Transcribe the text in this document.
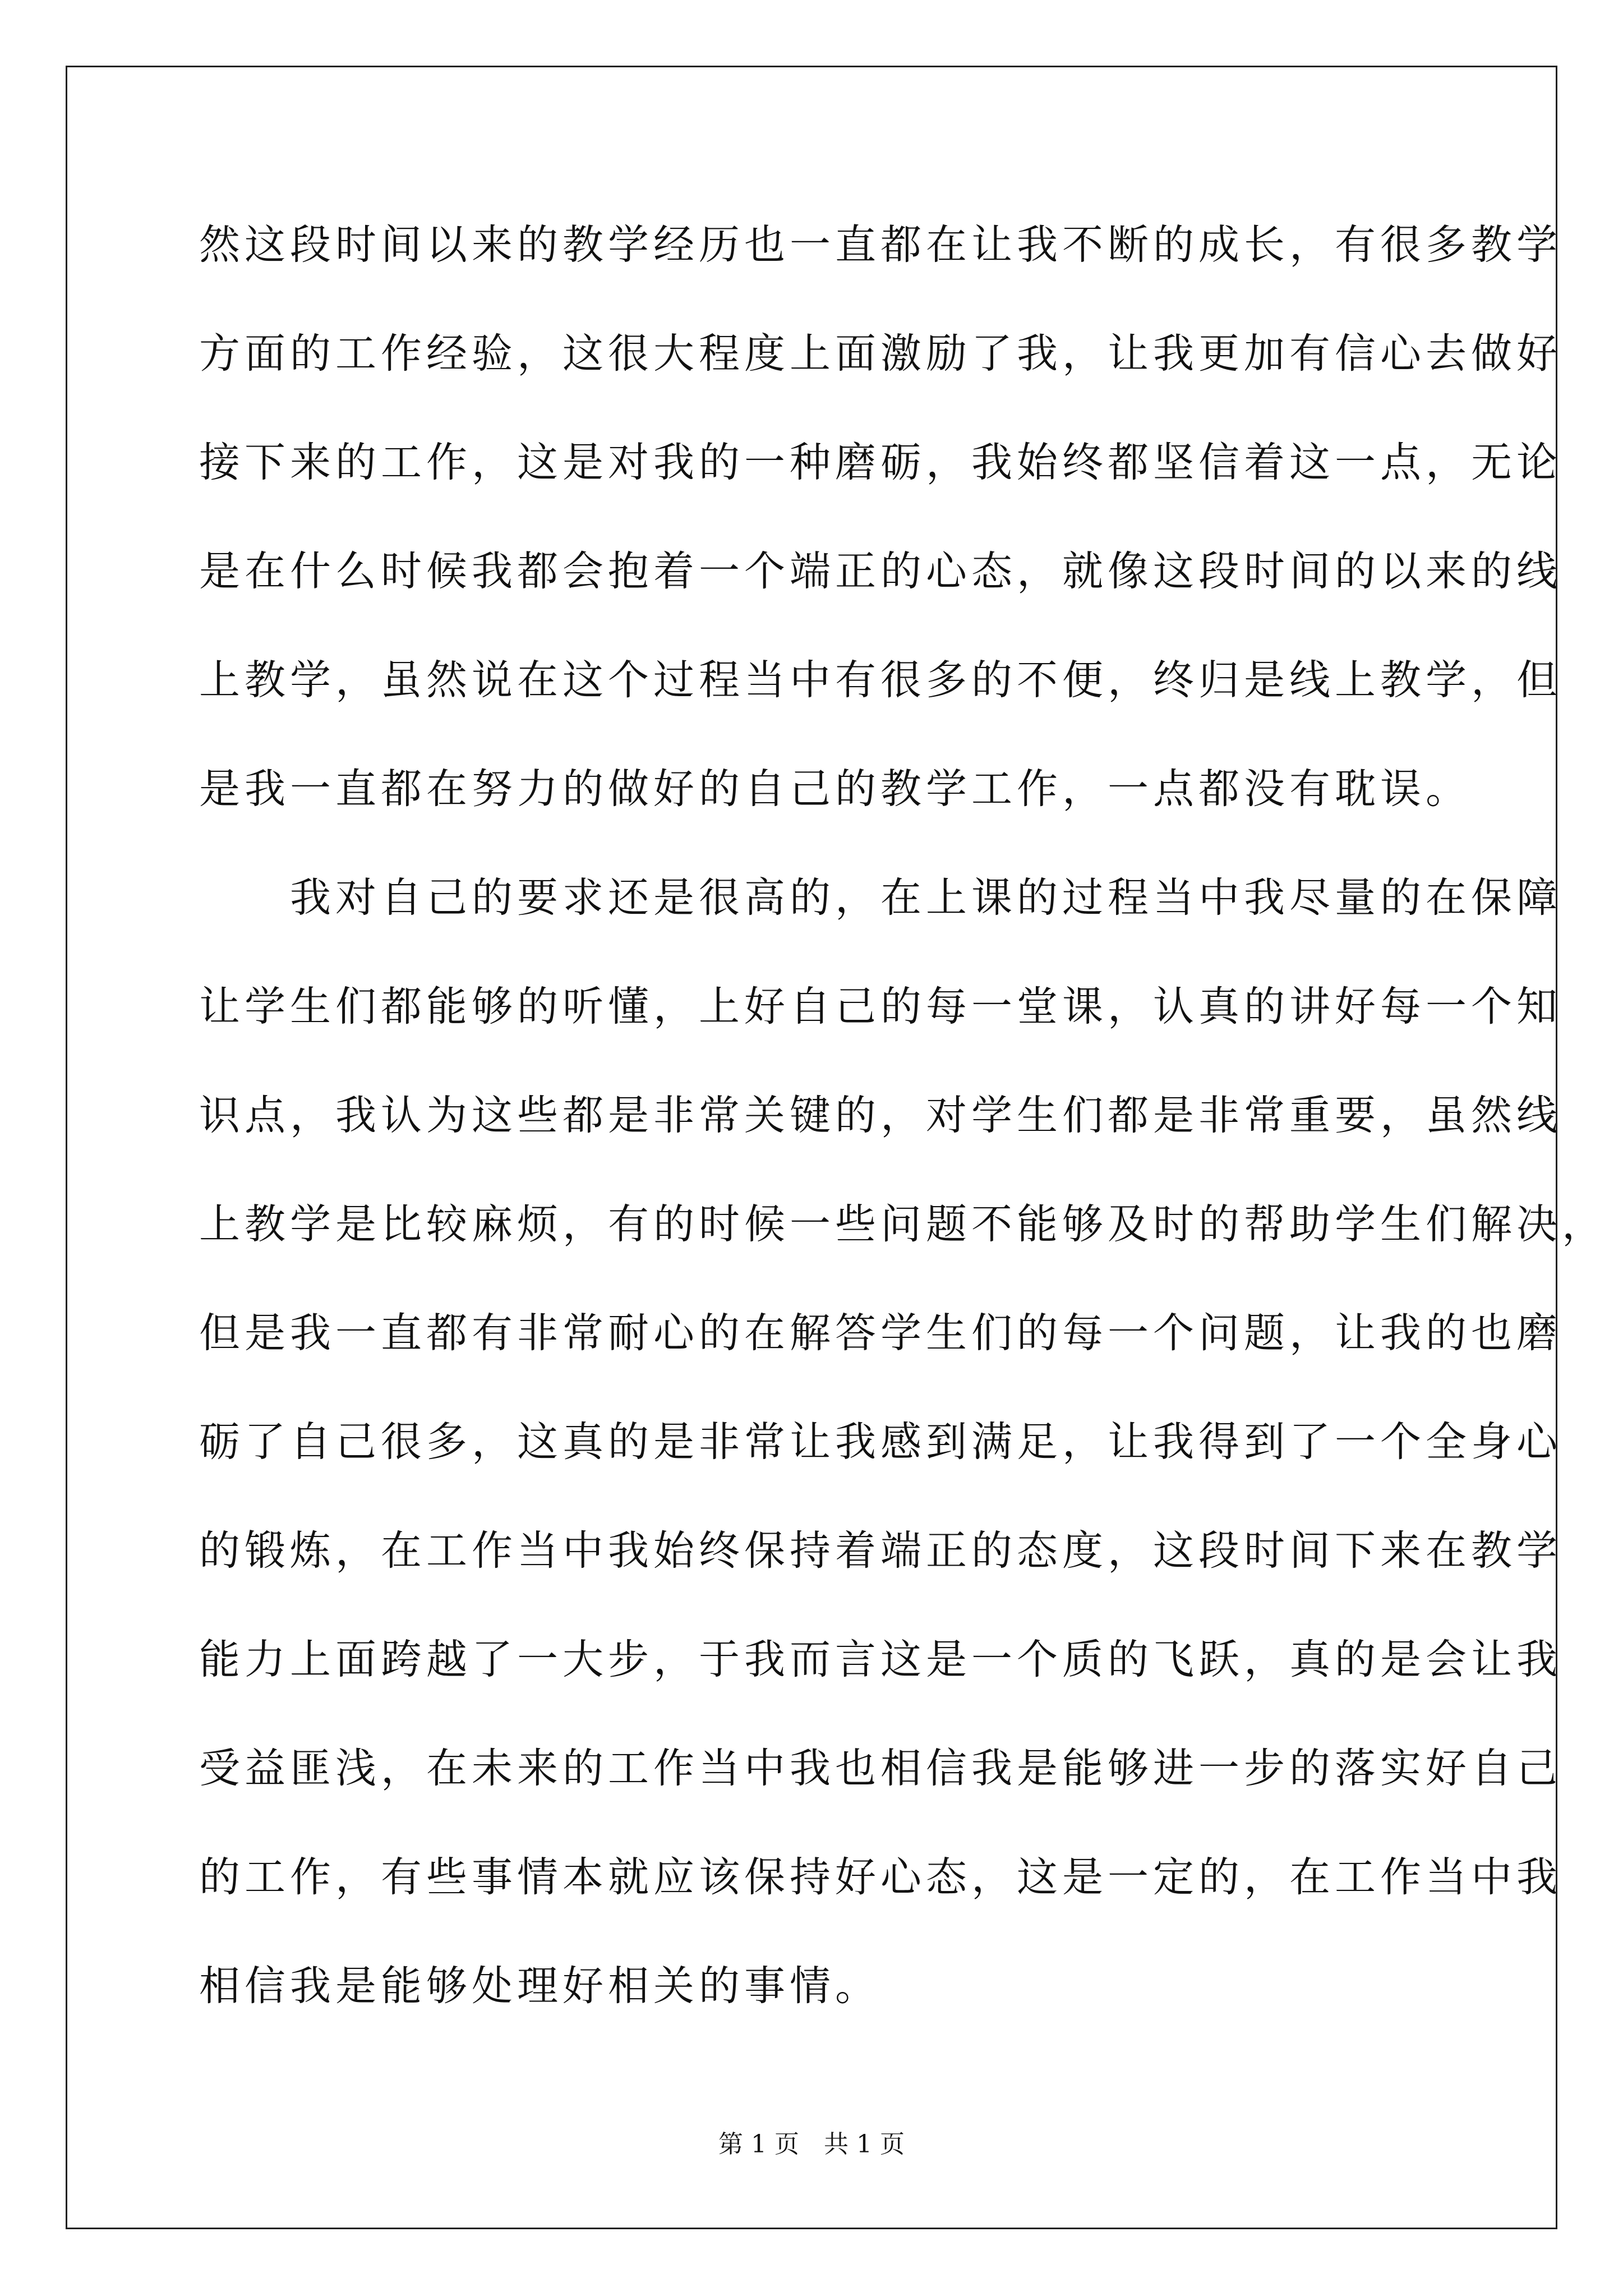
然这段时间以来的教学经历也一直都在让我不断的成长，有很多教学
方面的工作经验，这很大程度上面激励了我，让我更加有信心去做好
接下来的工作，这是对我的一种磨砺，我始终都坚信着这一点，无论
是在什么时候我都会抱着一个端正的心态，就像这段时间的以来的线
上教学，虽然说在这个过程当中有很多的不便，终归是线上教学，但
是我一直都在努力的做好的自己的教学工作，一点都没有耽误。
　　我对自己的要求还是很高的，在上课的过程当中我尽量的在保障
让学生们都能够的听懂，上好自己的每一堂课，认真的讲好每一个知
识点，我认为这些都是非常关键的，对学生们都是非常重要，虽然线
上教学是比较麻烦，有的时候一些问题不能够及时的帮助学生们解决，
但是我一直都有非常耐心的在解答学生们的每一个问题，让我的也磨
砺了自己很多，这真的是非常让我感到满足，让我得到了一个全身心
的锻炼，在工作当中我始终保持着端正的态度，这段时间下来在教学
能力上面跨越了一大步，于我而言这是一个质的飞跃，真的是会让我
受益匪浅，在未来的工作当中我也相信我是能够进一步的落实好自己
的工作，有些事情本就应该保持好心态，这是一定的，在工作当中我
相信我是能够处理好相关的事情。
第 1 页　共 1 页
